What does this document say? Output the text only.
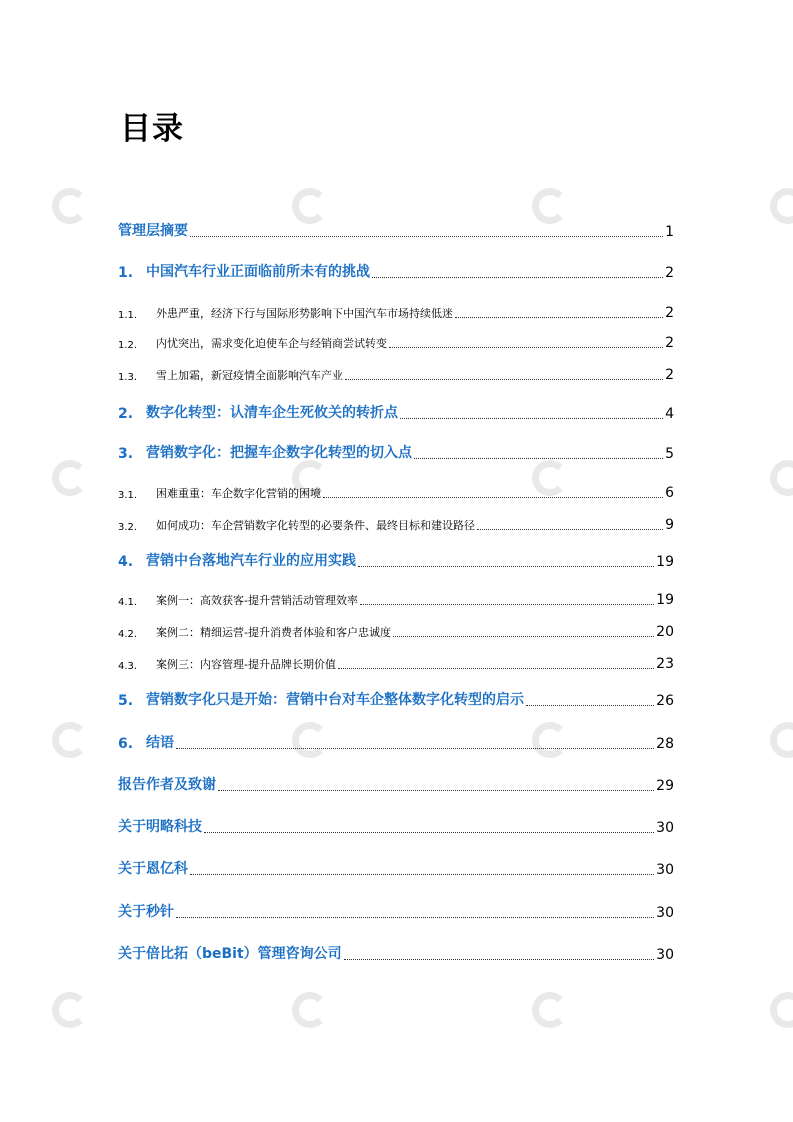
目录
管理层摘要	1
1. 中国汽车行业正面临前所未有的挑战	2
1.1.	外患严重，经济下行与国际形势影响下中国汽车市场持续低迷	2
1.2.	内忧突出，需求变化迫使车企与经销商尝试转变	2
1.3.	雪上加霜，新冠疫情全面影响汽车产业	2
2. 数字化转型：认清车企生死攸关的转折点	4
3. 营销数字化：把握车企数字化转型的切入点	5
3.1.	困难重重：车企数字化营销的困境	6
3.2.	如何成功：车企营销数字化转型的必要条件、最终目标和建设路径	9
4. 营销中台落地汽车行业的应用实践	19
4.1.	案例一：高效获客-提升营销活动管理效率	19
4.2.	案例二：精细运营-提升消费者体验和客户忠诚度	20
4.3.	案例三：内容管理-提升品牌长期价值	23
5. 营销数字化只是开始：营销中台对车企整体数字化转型的启示	26
6. 结语	28
报告作者及致谢	29
关于明略科技	30
关于恩亿科	30
关于秒针	30
关于倍比拓（beBit）管理咨询公司	30
